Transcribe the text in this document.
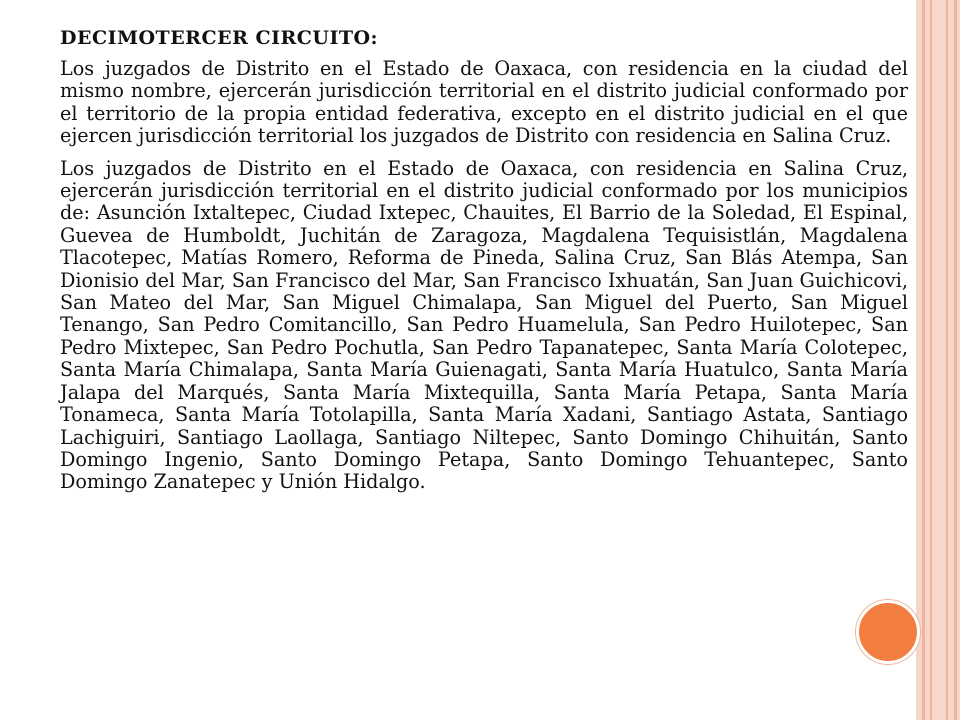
DECIMOTERCER CIRCUITO:

Los juzgados de Distrito en el Estado de Oaxaca, con residencia en la ciudad del mismo nombre, ejercerán jurisdicción territorial en el distrito judicial conformado por el territorio de la propia entidad federativa, excepto en el distrito judicial en el que ejercen jurisdicción territorial los juzgados de Distrito con residencia en Salina Cruz.

Los juzgados de Distrito en el Estado de Oaxaca, con residencia en Salina Cruz, ejercerán jurisdicción territorial en el distrito judicial conformado por los municipios de: Asunción Ixtaltepec, Ciudad Ixtepec, Chauites, El Barrio de la Soledad, El Espinal, Guevea de Humboldt, Juchitán de Zaragoza, Magdalena Tequisistlán, Magdalena Tlacotepec, Matías Romero, Reforma de Pineda, Salina Cruz, San Blás Atempa, San Dionisio del Mar, San Francisco del Mar, San Francisco Ixhuatán, San Juan Guichicovi, San Mateo del Mar, San Miguel Chimalapa, San Miguel del Puerto, San Miguel Tenango, San Pedro Comitancillo, San Pedro Huamelula, San Pedro Huilotepec, San Pedro Mixtepec, San Pedro Pochutla, San Pedro Tapanatepec, Santa María Colotepec, Santa María Chimalapa, Santa María Guienagati, Santa María Huatulco, Santa María Jalapa del Marqués, Santa María Mixtequilla, Santa María Petapa, Santa María Tonameca, Santa María Totolapilla, Santa María Xadani, Santiago Astata, Santiago Lachiguiri, Santiago Laollaga, Santiago Niltepec, Santo Domingo Chihuitán, Santo Domingo Ingenio, Santo Domingo Petapa, Santo Domingo Tehuantepec, Santo Domingo Zanatepec y Unión Hidalgo.
